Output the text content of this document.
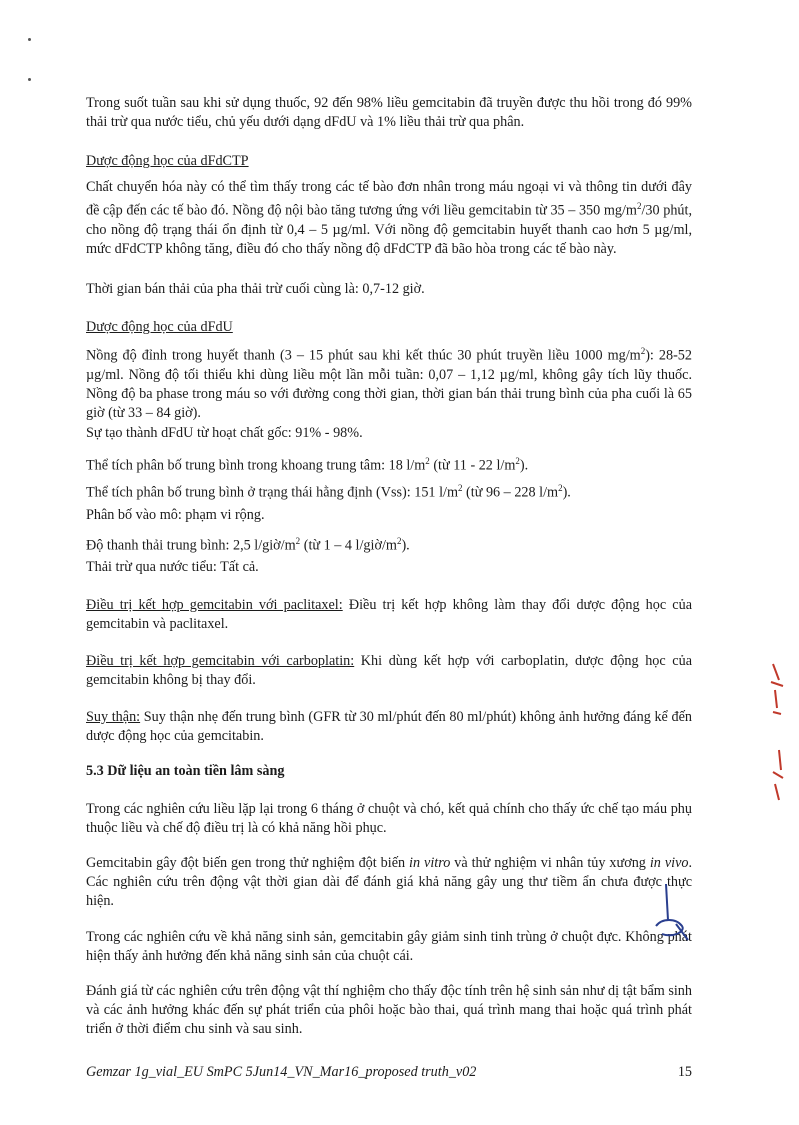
Trong suốt tuần sau khi sử dụng thuốc, 92 đến 98% liều gemcitabin đã truyền được thu hồi trong đó 99% thải trừ qua nước tiểu, chủ yếu dưới dạng dFdU và 1% liều thải trừ qua phân.

Dược động học của dFdCTP

Chất chuyển hóa này có thể tìm thấy trong các tế bào đơn nhân trong máu ngoại vi và thông tin dưới đây đề cập đến các tế bào đó. Nồng độ nội bào tăng tương ứng với liều gemcitabin từ 35 – 350 $mg/m^2/30$ phút, cho nồng độ trạng thái ổn định từ 0,4 – 5 µg/ml. Với nồng độ gemcitabin huyết thanh cao hơn 5 µg/ml, mức dFdCTP không tăng, điều đó cho thấy nồng độ dFdCTP đã bão hòa trong các tế bào này.

Thời gian bán thải của pha thải trừ cuối cùng là: 0,7-12 giờ.

Dược động học của dFdU

Nồng độ đỉnh trong huyết thanh (3 – 15 phút sau khi kết thúc 30 phút truyền liều 1000 $mg/m^2$): 28-52 µg/ml. Nồng độ tối thiểu khi dùng liều một lần mỗi tuần: 0,07 – 1,12 µg/ml, không gây tích lũy thuốc. Nồng độ ba phase trong máu so với đường cong thời gian, thời gian bán thải trung bình của pha cuối là 65 giờ (từ 33 – 84 giờ).

Sự tạo thành dFdU từ hoạt chất gốc: 91% - 98%.

Thể tích phân bố trung bình trong khoang trung tâm: 18 $l/m^2$ (từ 11 - 22 $l/m^2$).

Thể tích phân bố trung bình ở trạng thái hằng định (Vss): 151 $l/m^2$ (từ 96 – 228 $l/m^2$).

Phân bố vào mô: phạm vi rộng.

Độ thanh thải trung bình: 2,5 $l/giờ/m^2$ (từ 1 – 4 $l/giờ/m^2$).

Thải trừ qua nước tiểu: Tất cả.

Điều trị kết hợp gemcitabin với paclitaxel: Điều trị kết hợp không làm thay đổi dược động học của gemcitabin và paclitaxel.

Điều trị kết hợp gemcitabin với carboplatin: Khi dùng kết hợp với carboplatin, dược động học của gemcitabin không bị thay đổi.

Suy thận: Suy thận nhẹ đến trung bình (GFR từ 30 ml/phút đến 80 ml/phút) không ảnh hưởng đáng kể đến dược động học của gemcitabin.

5.3 Dữ liệu an toàn tiền lâm sàng

Trong các nghiên cứu liều lặp lại trong 6 tháng ở chuột và chó, kết quả chính cho thấy ức chế tạo máu phụ thuộc liều và chế độ điều trị là có khả năng hồi phục.

Gemcitabin gây đột biến gen trong thử nghiệm đột biến in vitro và thử nghiệm vi nhân tủy xương in vivo. Các nghiên cứu trên động vật thời gian dài để đánh giá khả năng gây ung thư tiềm ẩn chưa được thực hiện.

Trong các nghiên cứu về khả năng sinh sản, gemcitabin gây giảm sinh tinh trùng ở chuột đực. Không phát hiện thấy ảnh hưởng đến khả năng sinh sản của chuột cái.

Đánh giá từ các nghiên cứu trên động vật thí nghiệm cho thấy độc tính trên hệ sinh sản như dị tật bẩm sinh và các ảnh hưởng khác đến sự phát triển của phôi hoặc bào thai, quá trình mang thai hoặc quá trình phát triển ở thời điểm chu sinh và sau sinh.

Gemzar 1g_vial_EU SmPC 5Jun14_VN_Mar16_proposed truth_v02	15
